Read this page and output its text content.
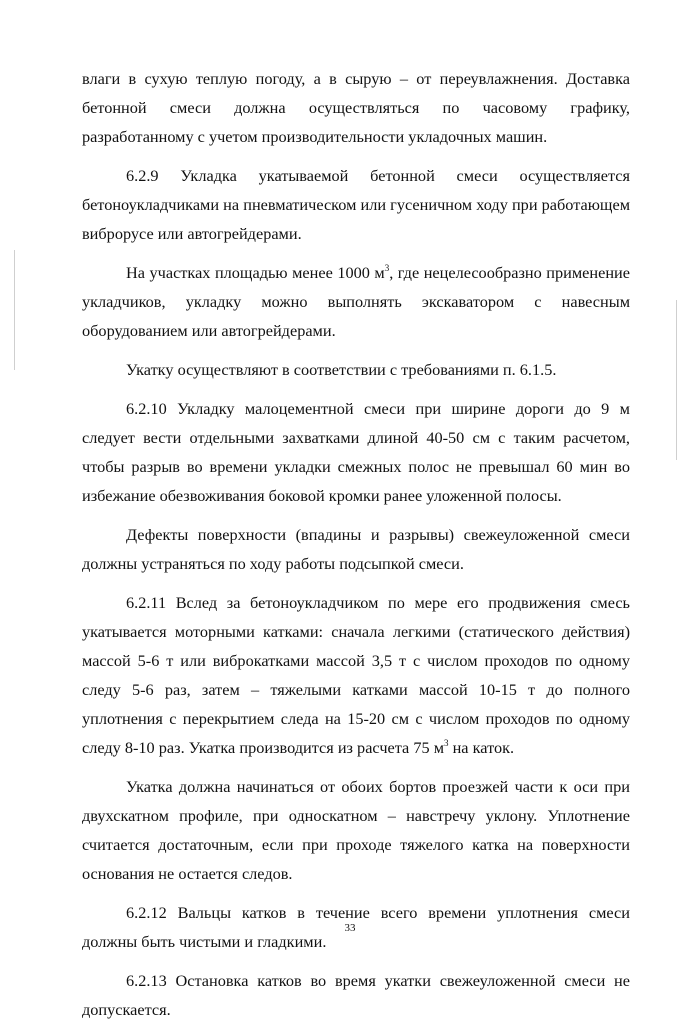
влаги в сухую теплую погоду, а в сырую – от переувлажнения. Доставка бетонной смеси должна осуществляться по часовому графику, разработанному с учетом производительности укладочных машин.

6.2.9 Укладка укатываемой бетонной смеси осуществляется бетоноукладчиками на пневматическом или гусеничном ходу при работающем виброрусе или автогрейдерами.

На участках площадью менее 1000 $м^3$, где нецелесообразно применение укладчиков, укладку можно выполнять экскаватором с навесным оборудованием или автогрейдерами.

Укатку осуществляют в соответствии с требованиями п. 6.1.5.

6.2.10 Укладку малоцементной смеси при ширине дороги до 9 м следует вести отдельными захватками длиной 40-50 см с таким расчетом, чтобы разрыв во времени укладки смежных полос не превышал 60 мин во избежание обезвоживания боковой кромки ранее уложенной полосы.

Дефекты поверхности (впадины и разрывы) свежеуложенной смеси должны устраняться по ходу работы подсыпкой смеси.

6.2.11 Вслед за бетоноукладчиком по мере его продвижения смесь укатывается моторными катками: сначала легкими (статического действия) массой 5-6 т или виброкатками массой 3,5 т с числом проходов по одному следу 5-6 раз, затем – тяжелыми катками массой 10-15 т до полного уплотнения с перекрытием следа на 15-20 см с числом проходов по одному следу 8-10 раз. Укатка производится из расчета 75 $м^3$ на каток.

Укатка должна начинаться от обоих бортов проезжей части к оси при двухскатном профиле, при односкатном – навстречу уклону. Уплотнение считается достаточным, если при проходе тяжелого катка на поверхности основания не остается следов.

6.2.12 Вальцы катков в течение всего времени уплотнения смеси должны быть чистыми и гладкими.

6.2.13 Остановка катков во время укатки свежеуложенной смеси не допускается.

33
